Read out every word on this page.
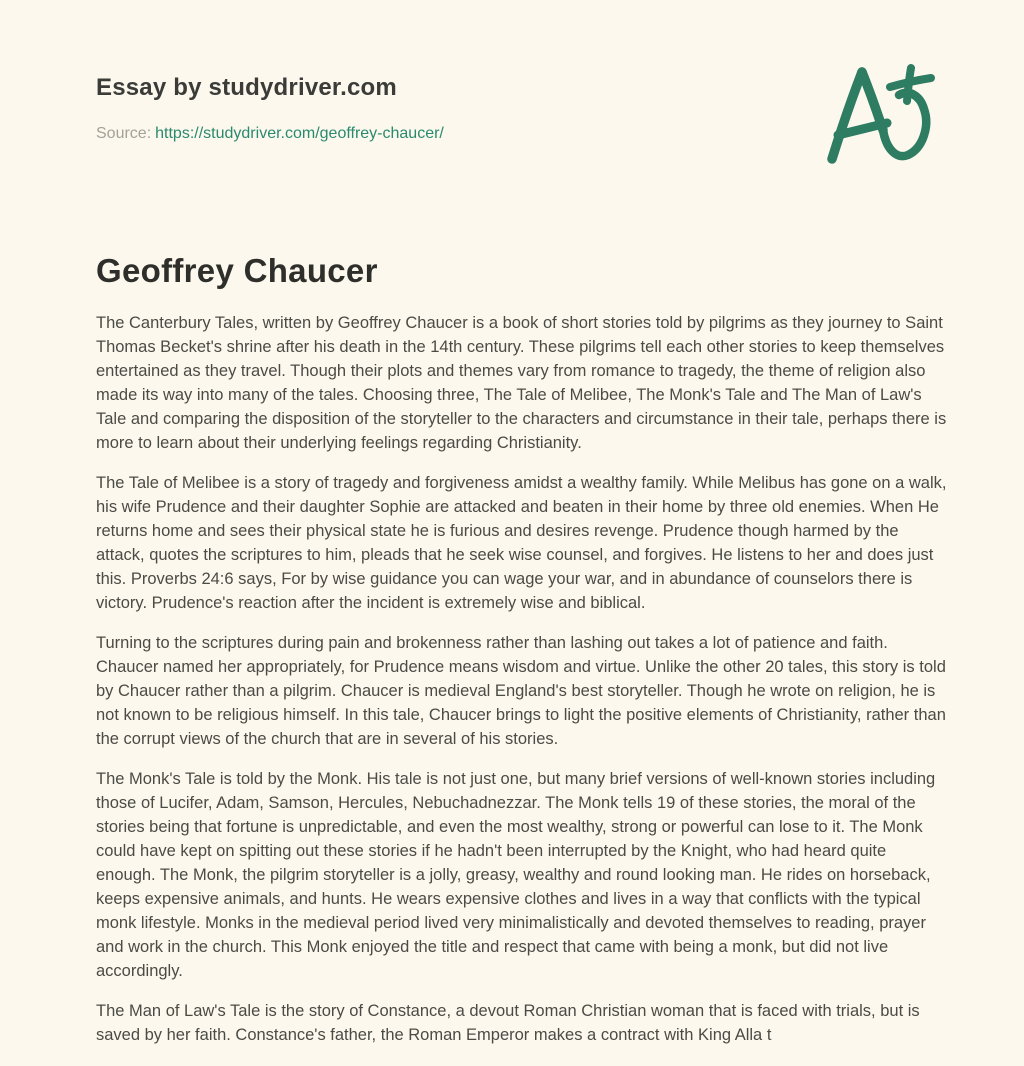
Essay by studydriver.com
Source: https://studydriver.com/geoffrey-chaucer/
Geoffrey Chaucer

The Canterbury Tales, written by Geoffrey Chaucer is a book of short stories told by pilgrims as they journey to Saint Thomas Becket's shrine after his death in the 14th century. These pilgrims tell each other stories to keep themselves entertained as they travel. Though their plots and themes vary from romance to tragedy, the theme of religion also made its way into many of the tales. Choosing three, The Tale of Melibee, The Monk's Tale and The Man of Law's Tale and comparing the disposition of the storyteller to the characters and circumstance in their tale, perhaps there is more to learn about their underlying feelings regarding Christianity.

The Tale of Melibee is a story of tragedy and forgiveness amidst a wealthy family. While Melibus has gone on a walk, his wife Prudence and their daughter Sophie are attacked and beaten in their home by three old enemies. When He returns home and sees their physical state he is furious and desires revenge. Prudence though harmed by the attack, quotes the scriptures to him, pleads that he seek wise counsel, and forgives. He listens to her and does just this. Proverbs 24:6 says, For by wise guidance you can wage your war, and in abundance of counselors there is victory. Prudence's reaction after the incident is extremely wise and biblical.

Turning to the scriptures during pain and brokenness rather than lashing out takes a lot of patience and faith. Chaucer named her appropriately, for Prudence means wisdom and virtue. Unlike the other 20 tales, this story is told by Chaucer rather than a pilgrim. Chaucer is medieval England's best storyteller. Though he wrote on religion, he is not known to be religious himself. In this tale, Chaucer brings to light the positive elements of Christianity, rather than the corrupt views of the church that are in several of his stories.

The Monk's Tale is told by the Monk. His tale is not just one, but many brief versions of well-known stories including those of Lucifer, Adam, Samson, Hercules, Nebuchadnezzar. The Monk tells 19 of these stories, the moral of the stories being that fortune is unpredictable, and even the most wealthy, strong or powerful can lose to it. The Monk could have kept on spitting out these stories if he hadn't been interrupted by the Knight, who had heard quite enough. The Monk, the pilgrim storyteller is a jolly, greasy, wealthy and round looking man. He rides on horseback, keeps expensive animals, and hunts. He wears expensive clothes and lives in a way that conflicts with the typical monk lifestyle. Monks in the medieval period lived very minimalistically and devoted themselves to reading, prayer and work in the church. This Monk enjoyed the title and respect that came with being a monk, but did not live accordingly.

The Man of Law's Tale is the story of Constance, a devout Roman Christian woman that is faced with trials, but is saved by her faith. Constance's father, the Roman Emperor makes a contract with King Alla t
